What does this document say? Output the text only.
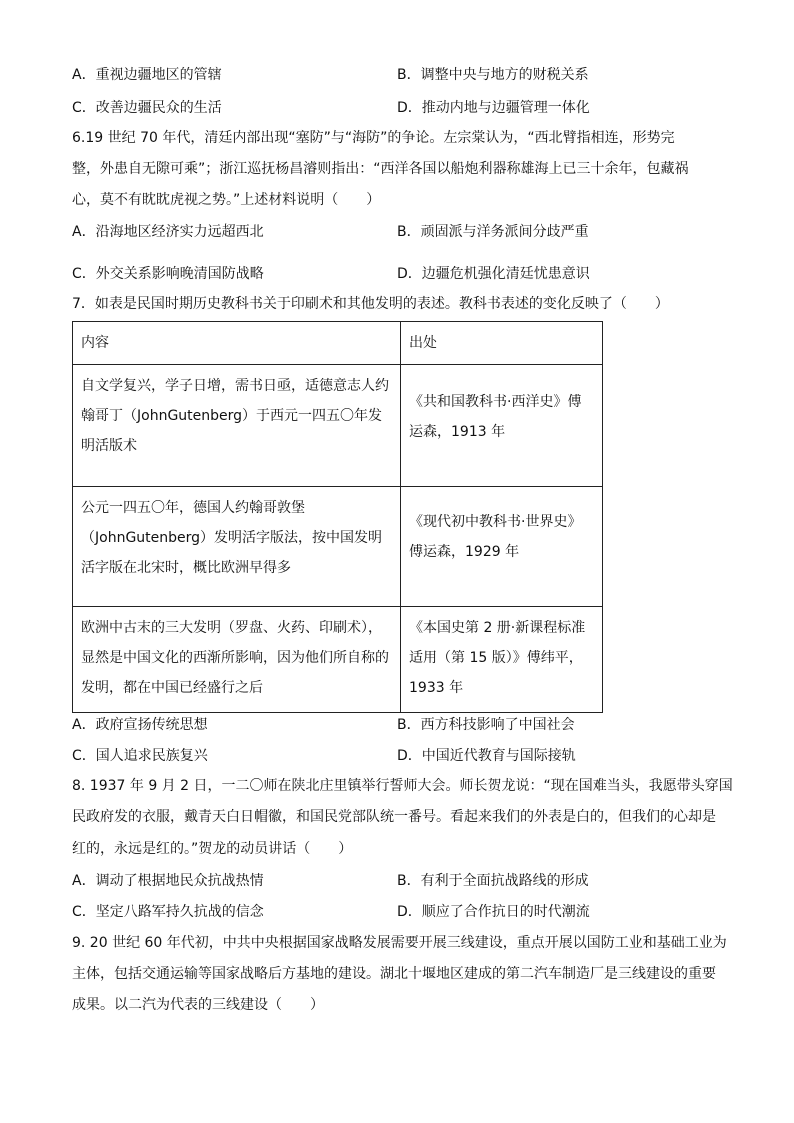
A．重视边疆地区的管辖	B．调整中央与地方的财税关系
C．改善边疆民众的生活	D．推动内地与边疆管理一体化
6.19 世纪 70 年代，清廷内部出现“塞防”与“海防”的争论。左宗棠认为，“西北臂指相连，形势完
整，外患自无隙可乘”；浙江巡抚杨昌濬则指出：“西洋各国以船炮利器称雄海上已三十余年，包藏祸
心，莫不有眈眈虎视之势。”上述材料说明（　　）
A．沿海地区经济实力远超西北	B．顽固派与洋务派间分歧严重
C．外交关系影响晚清国防战略	D．边疆危机强化清廷忧患意识
7．如表是民国时期历史教科书关于印刷术和其他发明的表述。教科书表述的变化反映了（　　）
内容	出处
自文学复兴，学子日增，需书日亟，适德意志人约翰哥丁（JohnGutenberg）于西元一四五〇年发明活版术	《共和国教科书·西洋史》傅运森，1913 年
公元一四五〇年，德国人约翰哥敦堡（JohnGutenberg）发明活字版法，按中国发明活字版在北宋时，概比欧洲早得多	《现代初中教科书·世界史》傅运森，1929 年
欧洲中古末的三大发明（罗盘、火药、印刷术），显然是中国文化的西渐所影响，因为他们所自称的发明，都在中国已经盛行之后	《本国史第 2 册·新课程标准适用（第 15 版）》傅纬平，1933 年
A．政府宣扬传统思想	B．西方科技影响了中国社会
C．国人追求民族复兴	D．中国近代教育与国际接轨
8. 1937 年 9 月 2 日，一二〇师在陕北庄里镇举行誓师大会。师长贺龙说：“现在国难当头，我愿带头穿国
民政府发的衣服，戴青天白日帽徽，和国民党部队统一番号。看起来我们的外表是白的，但我们的心却是
红的，永远是红的。”贺龙的动员讲话（　　）
A．调动了根据地民众抗战热情	B．有利于全面抗战路线的形成
C．坚定八路军持久抗战的信念	D．顺应了合作抗日的时代潮流
9. 20 世纪 60 年代初，中共中央根据国家战略发展需要开展三线建设，重点开展以国防工业和基础工业为
主体，包括交通运输等国家战略后方基地的建设。湖北十堰地区建成的第二汽车制造厂是三线建设的重要
成果。以二汽为代表的三线建设（　　）
